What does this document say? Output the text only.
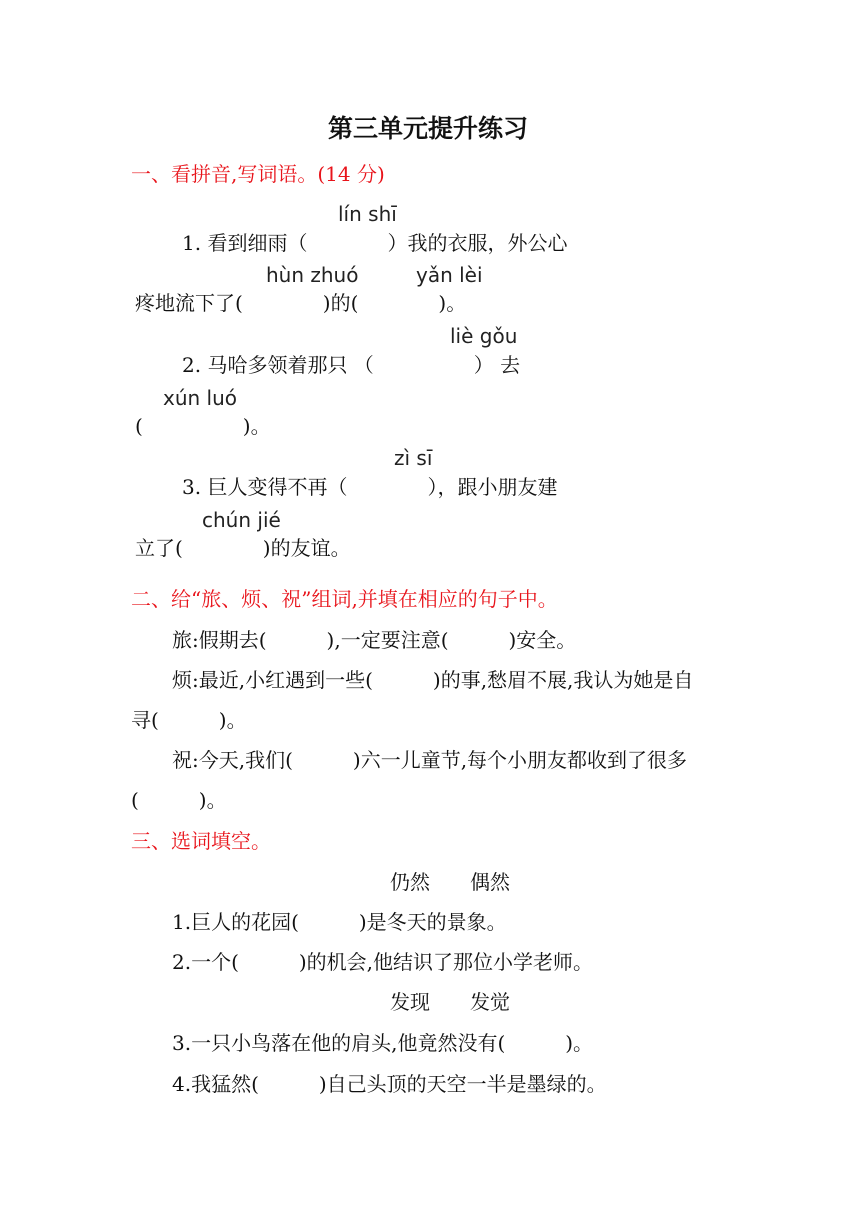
第三单元提升练习
一、看拼音,写词语。(14 分)
lín shī
1. 看到细雨（　　　　）我的衣服，外公心
hùn zhuó	yǎn lèi
疼地流下了(　　　　)的(　　　　)。
liè gǒu
2. 马哈多领着那只 （　　　　　） 去
xún luó
(　　　　　)。
zì sī
3. 巨人变得不再（　　　　），跟小朋友建
chún jié
立了(　　　　)的友谊。
二、给“旅、烦、祝”组词,并填在相应的句子中。
旅:假期去(　　　),一定要注意(　　　)安全。
烦:最近,小红遇到一些(　　　)的事,愁眉不展,我认为她是自
寻(　　　)。
祝:今天,我们(　　　)六一儿童节,每个小朋友都收到了很多
(　　　)。
三、选词填空。
仍然　　偶然
1.巨人的花园(　　　)是冬天的景象。
2.一个(　　　)的机会,他结识了那位小学老师。
发现　　发觉
3.一只小鸟落在他的肩头,他竟然没有(　　　)。
4.我猛然(　　　)自己头顶的天空一半是墨绿的。
